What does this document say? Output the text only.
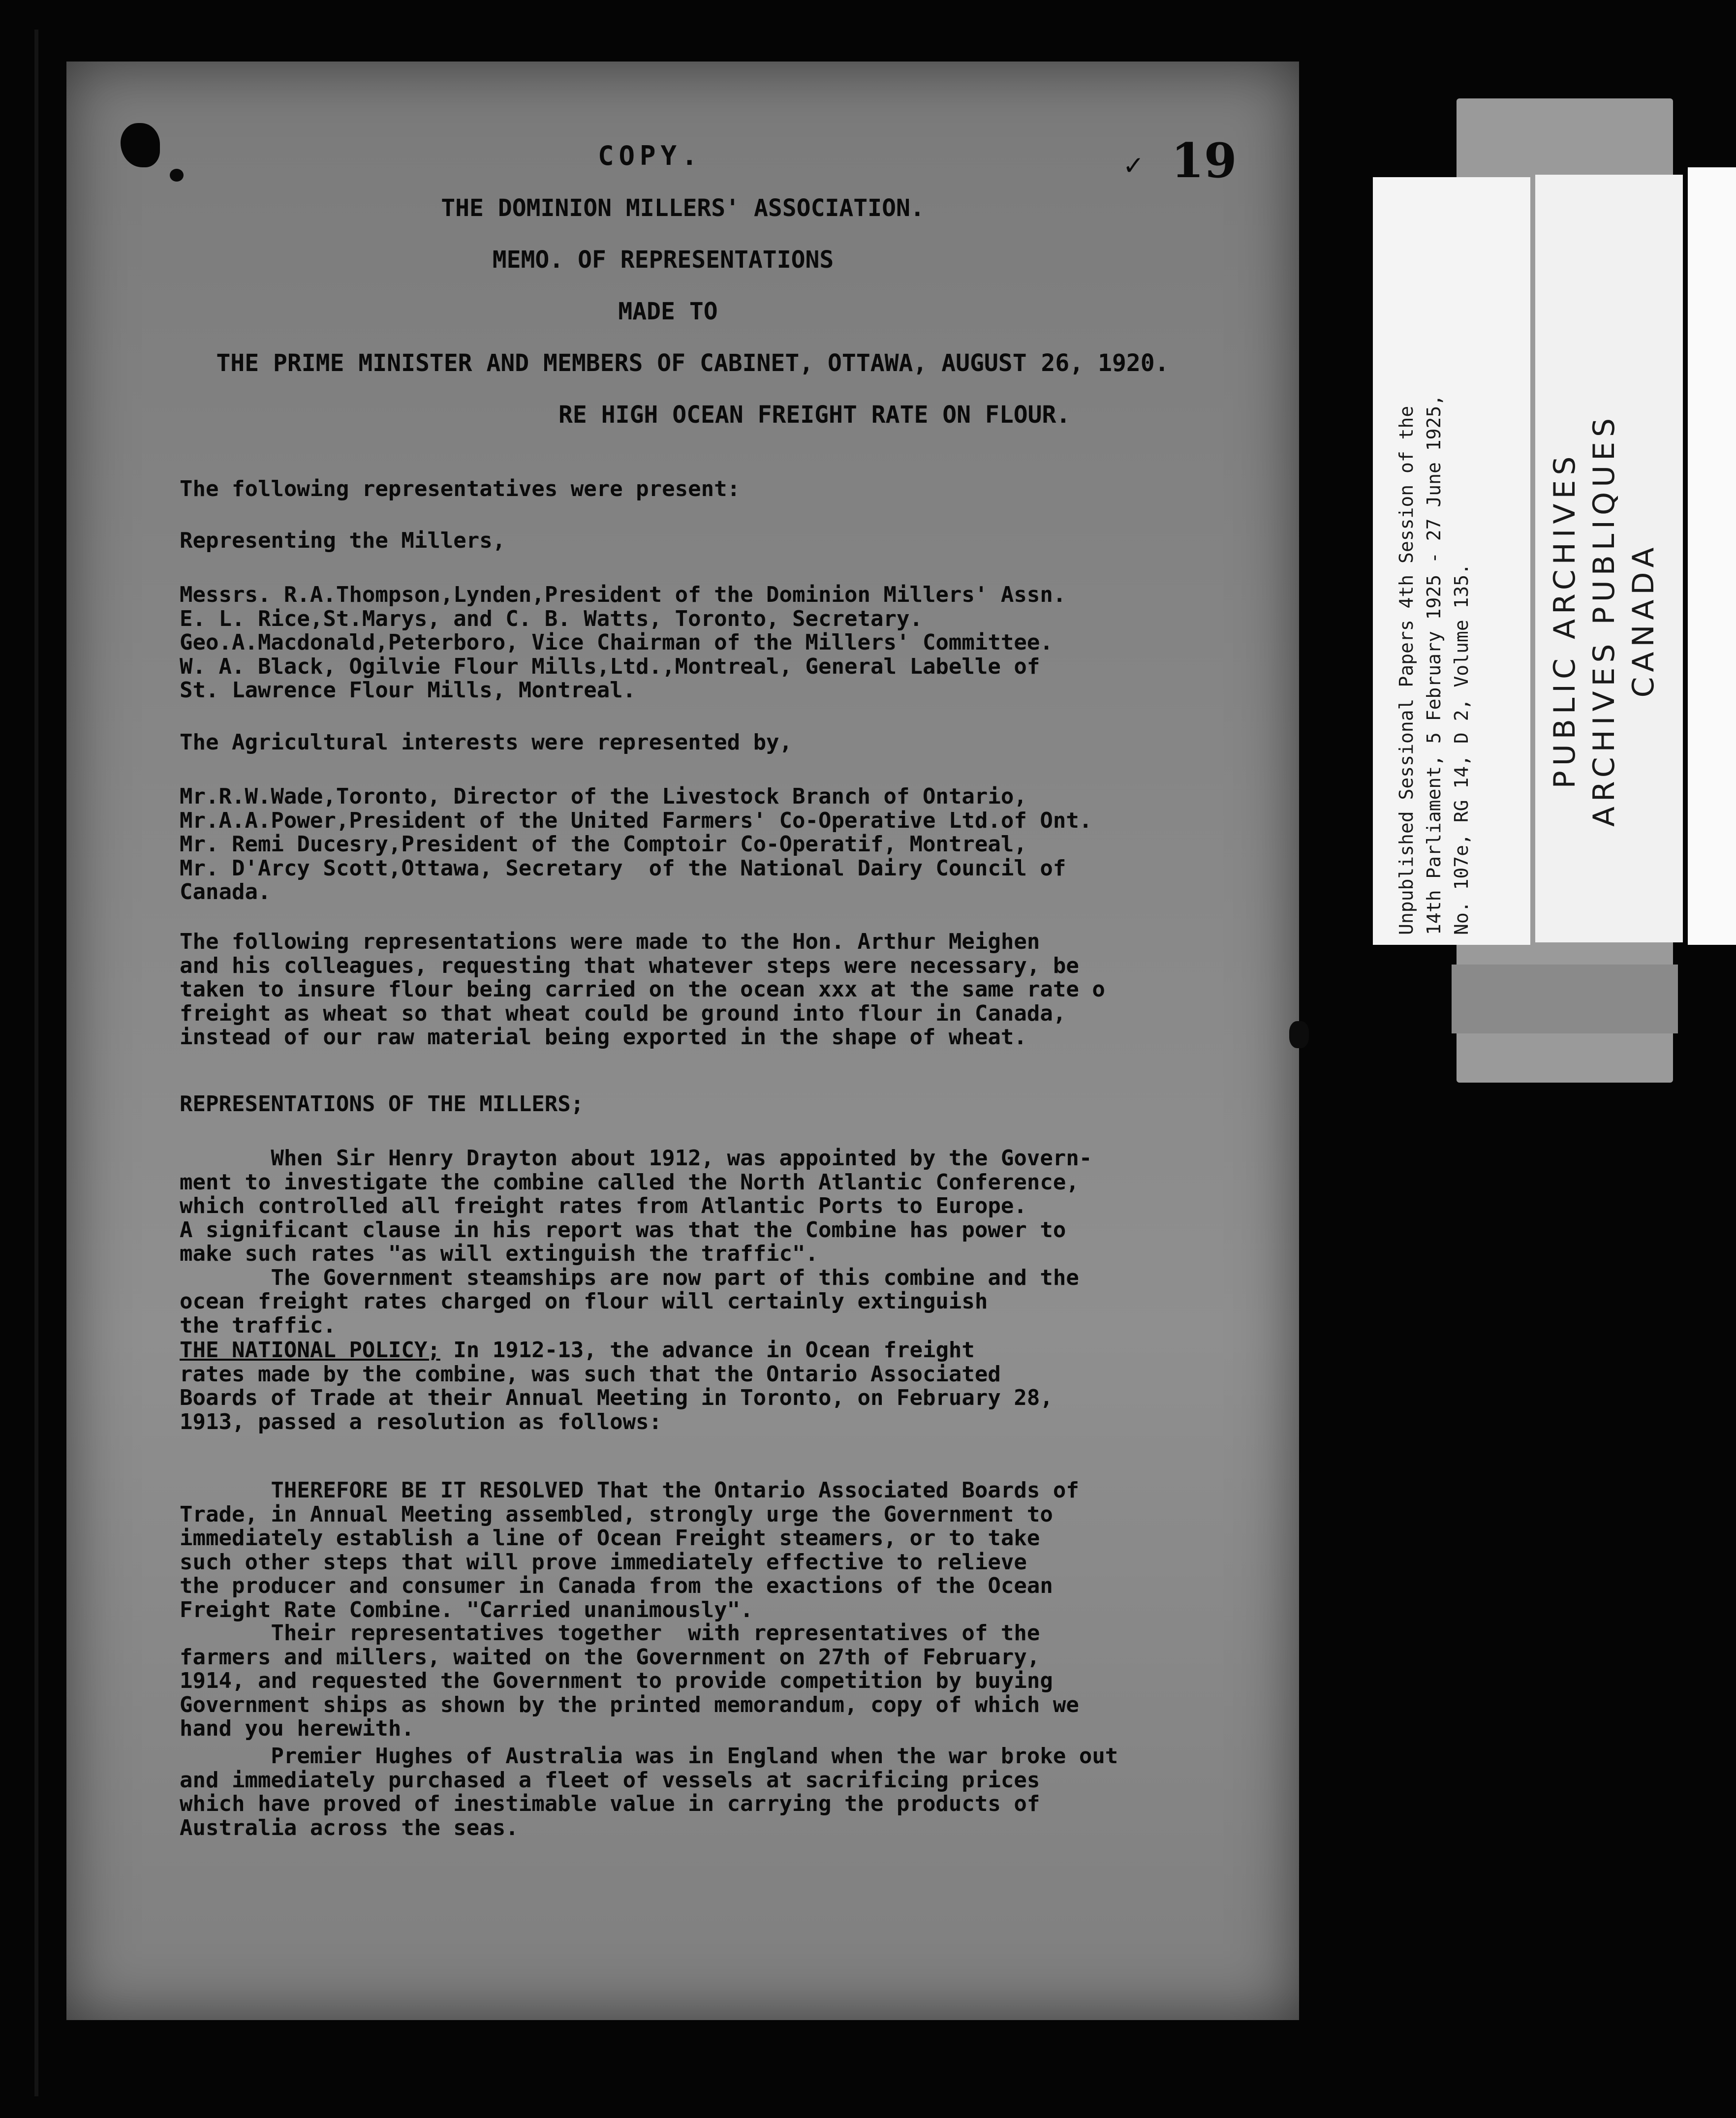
COPY.	✓ 19
THE DOMINION MILLERS' ASSOCIATION.
MEMO. OF REPRESENTATIONS
MADE TO
THE PRIME MINISTER AND MEMBERS OF CABINET, OTTAWA, AUGUST 26, 1920.
RE HIGH OCEAN FREIGHT RATE ON FLOUR.
The following representatives were present:
Representing the Millers,
Messrs. R.A.Thompson,Lynden,President of the Dominion Millers' Assn.
E. L. Rice,St.Marys, and C. B. Watts, Toronto, Secretary.
Geo.A.Macdonald,Peterboro, Vice Chairman of the Millers' Committee.
W. A. Black, Ogilvie Flour Mills,Ltd.,Montreal, General Labelle of
St. Lawrence Flour Mills, Montreal.
The Agricultural interests were represented by,
Mr.R.W.Wade,Toronto, Director of the Livestock Branch of Ontario,
Mr.A.A.Power,President of the United Farmers' Co-Operative Ltd.of Ont.
Mr. Remi Ducesry,President of the Comptoir Co-Operatif, Montreal,
Mr. D'Arcy Scott,Ottawa, Secretary  of the National Dairy Council of
Canada.
The following representations were made to the Hon. Arthur Meighen
and his colleagues, requesting that whatever steps were necessary, be
taken to insure flour being carried on the ocean xxx at the same rate o
freight as wheat so that wheat could be ground into flour in Canada,
instead of our raw material being exported in the shape of wheat.
REPRESENTATIONS OF THE MILLERS;
When Sir Henry Drayton about 1912, was appointed by the Govern-
ment to investigate the combine called the North Atlantic Conference,
which controlled all freight rates from Atlantic Ports to Europe.
A significant clause in his report was that the Combine has power to
make such rates "as will extinguish the traffic".
The Government steamships are now part of this combine and the
ocean freight rates charged on flour will certainly extinguish
the traffic.
THE NATIONAL POLICY; In 1912-13, the advance in Ocean freight
rates made by the combine, was such that the Ontario Associated
Boards of Trade at their Annual Meeting in Toronto, on February 28,
1913, passed a resolution as follows:
THEREFORE BE IT RESOLVED That the Ontario Associated Boards of
Trade, in Annual Meeting assembled, strongly urge the Government to
immediately establish a line of Ocean Freight steamers, or to take
such other steps that will prove immediately effective to relieve
the producer and consumer in Canada from the exactions of the Ocean
Freight Rate Combine. "Carried unanimously".
Their representatives together  with representatives of the
farmers and millers, waited on the Government on 27th of February,
1914, and requested the Government to provide competition by buying
Government ships as shown by the printed memorandum, copy of which we
hand you herewith.
Premier Hughes of Australia was in England when the war broke out
and immediately purchased a fleet of vessels at sacrificing prices
which have proved of inestimable value in carrying the products of
Australia across the seas.
Unpublished Sessional Papers 4th Session of the
14th Parliament, 5 February 1925 - 27 June 1925,
No. 107e, RG 14, D 2, Volume 135.
PUBLIC ARCHIVES
ARCHIVES PUBLIQUES
CANADA
